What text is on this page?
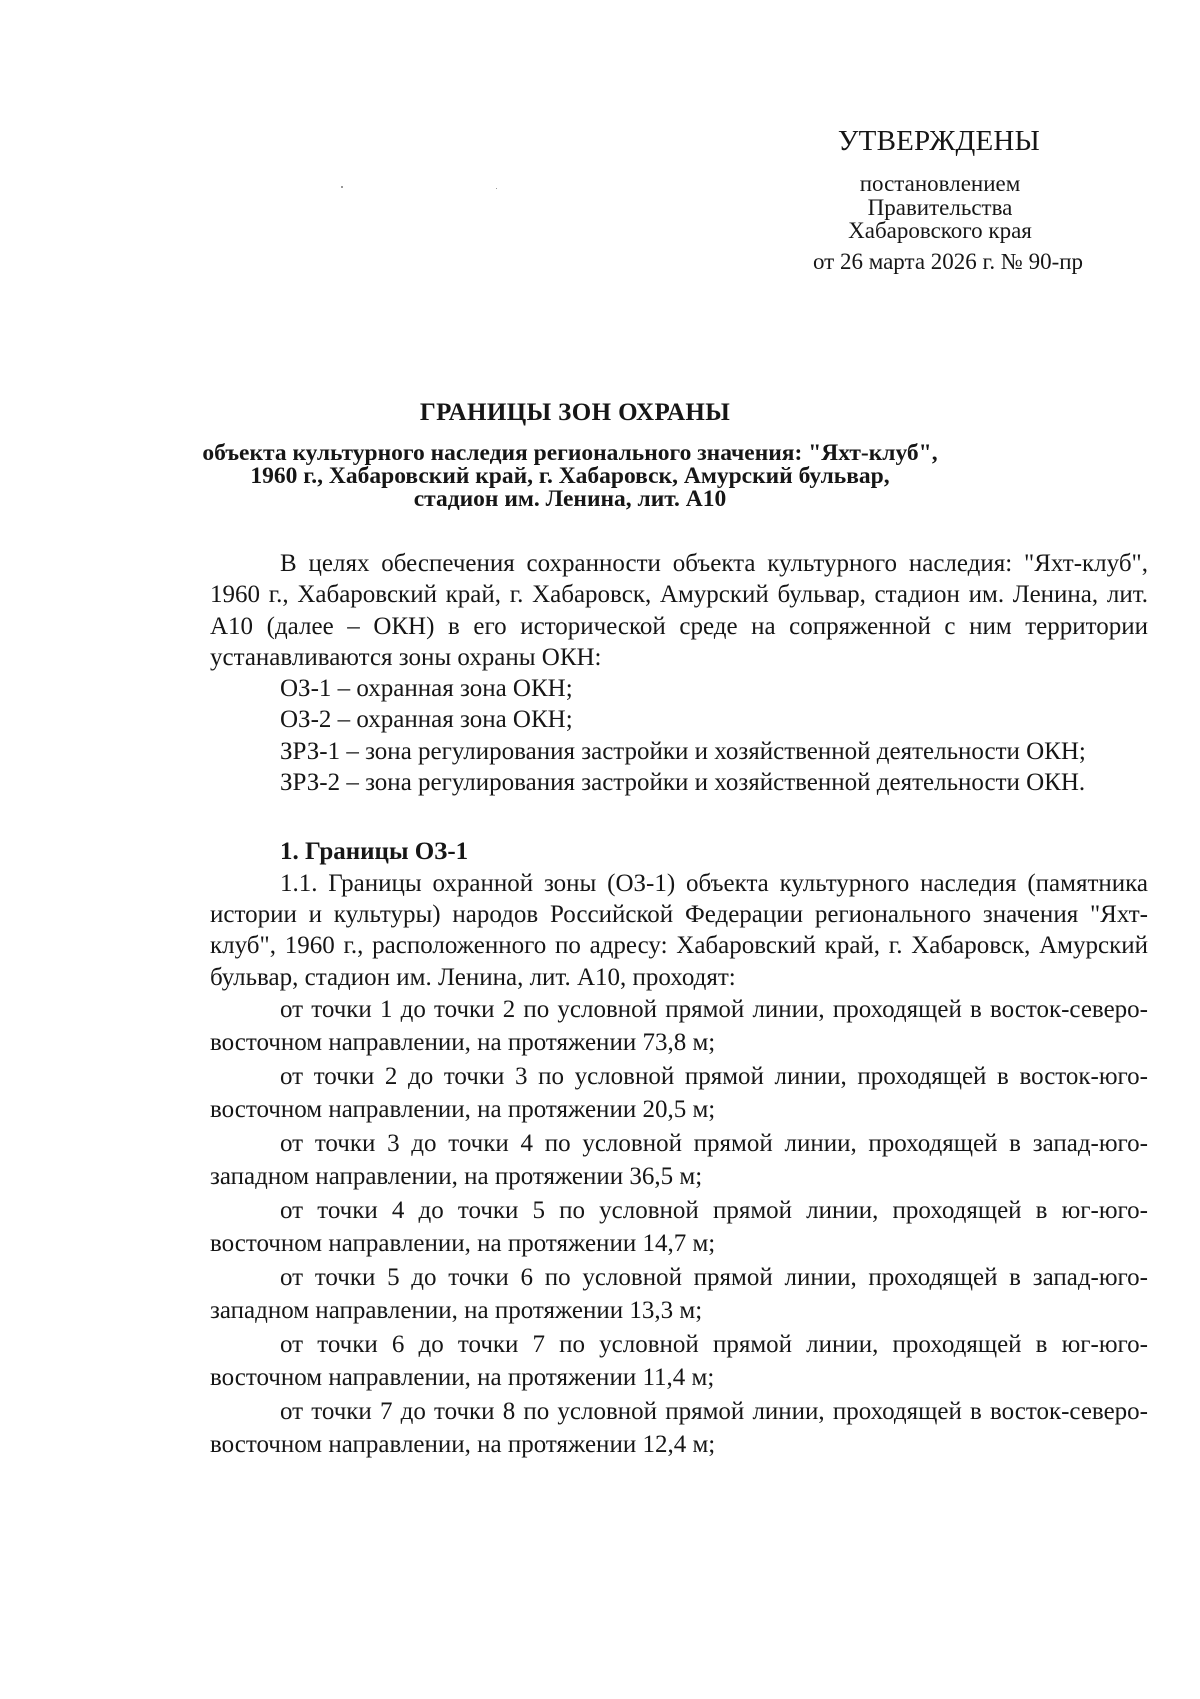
УТВЕРЖДЕНЫ
постановлением
Правительства
Хабаровского края
от 26 марта 2026 г. № 90-пр
ГРАНИЦЫ ЗОН ОХРАНЫ
объекта культурного наследия регионального значения: "Яхт-клуб",
1960 г., Хабаровский край, г. Хабаровск, Амурский бульвар,
стадион им. Ленина, лит. А10

В целях обеспечения сохранности объекта культурного наследия: "Яхт-клуб", 1960 г., Хабаровский край, г. Хабаровск, Амурский бульвар, стадион им. Ленина, лит. А10 (далее – ОКН) в его исторической среде на сопряженной с ним территории устанавливаются зоны охраны ОКН:

ОЗ-1 – охранная зона ОКН;

ОЗ-2 – охранная зона ОКН;

ЗРЗ-1 – зона регулирования застройки и хозяйственной деятельности ОКН;

ЗРЗ-2 – зона регулирования застройки и хозяйственной деятельности ОКН.

1. Границы ОЗ-1

1.1. Границы охранной зоны (ОЗ-1) объекта культурного наследия (памятника истории и культуры) народов Российской Федерации регионального значения "Яхт-клуб", 1960 г., расположенного по адресу: Хабаровский край, г. Хабаровск, Амурский бульвар, стадион им. Ленина, лит. А10, проходят:

от точки 1 до точки 2 по условной прямой линии, проходящей в восток-северо-восточном направлении, на протяжении 73,8 м;

от точки 2 до точки 3 по условной прямой линии, проходящей в восток-юго-восточном направлении, на протяжении 20,5 м;

от точки 3 до точки 4 по условной прямой линии, проходящей в запад-юго-западном направлении, на протяжении 36,5 м;

от точки 4 до точки 5 по условной прямой линии, проходящей в юг-юго-восточном направлении, на протяжении 14,7 м;

от точки 5 до точки 6 по условной прямой линии, проходящей в запад-юго-западном направлении, на протяжении 13,3 м;

от точки 6 до точки 7 по условной прямой линии, проходящей в юг-юго-восточном направлении, на протяжении 11,4 м;

от точки 7 до точки 8 по условной прямой линии, проходящей в восток-северо-восточном направлении, на протяжении 12,4 м;
